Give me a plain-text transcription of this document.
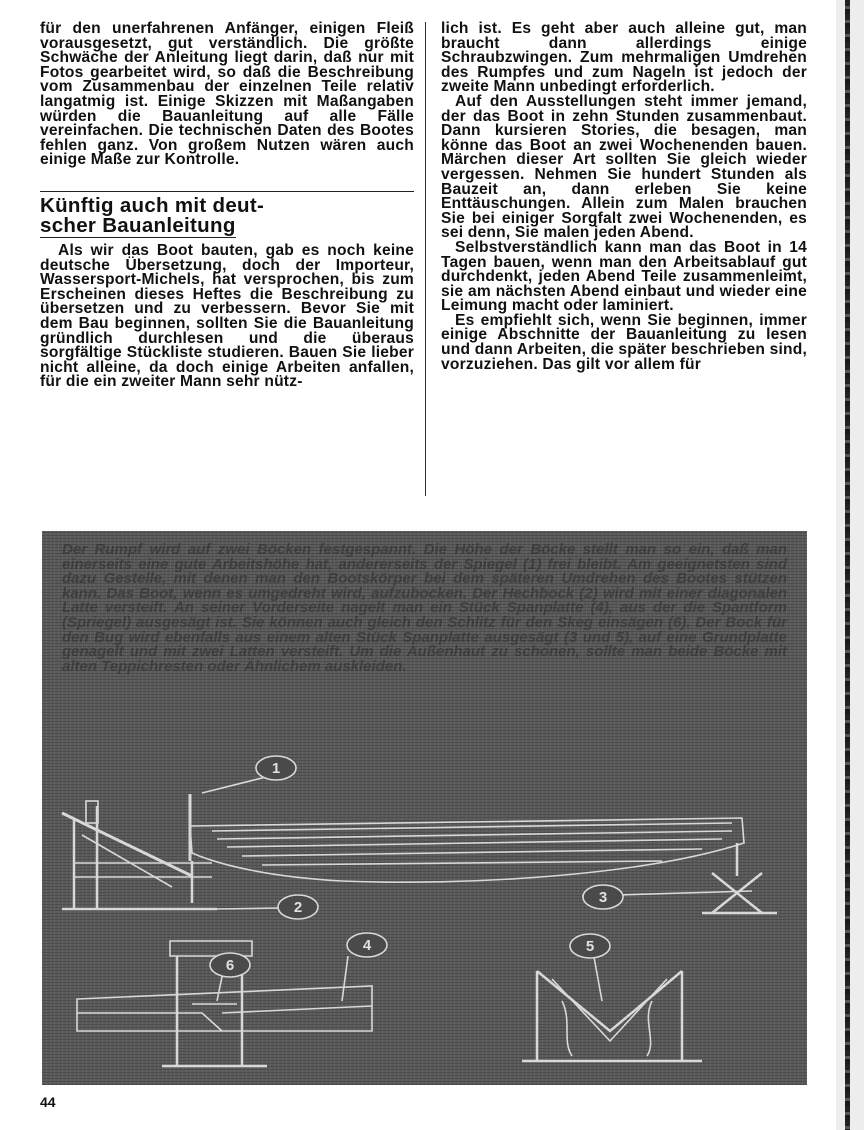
für den unerfahrenen Anfänger, einigen Fleiß vorausgesetzt, gut verständlich. Die größte Schwäche der Anleitung liegt darin, daß nur mit Fotos gearbeitet wird, so daß die Beschreibung vom Zusammenbau der einzelnen Teile relativ langatmig ist. Einige Skizzen mit Maßangaben würden die Bauanleitung auf alle Fälle vereinfachen. Die technischen Daten des Bootes fehlen ganz. Von großem Nutzen wären auch einige Maße zur Kontrolle.

Künftig auch mit deut-
scher Bauanleitung

Als wir das Boot bauten, gab es noch keine deutsche Übersetzung, doch der Importeur, Wassersport-Michels, hat versprochen, bis zum Erscheinen dieses Heftes die Beschreibung zu übersetzen und zu verbessern. Bevor Sie mit dem Bau beginnen, sollten Sie die Bauanleitung gründlich durchlesen und die überaus sorgfältige Stückliste studieren. Bauen Sie lieber nicht alleine, da doch einige Arbeiten anfallen, für die ein zweiter Mann sehr nütz-

lich ist. Es geht aber auch alleine gut, man braucht dann allerdings einige Schraubzwingen. Zum mehrmaligen Umdrehen des Rumpfes und zum Nageln ist jedoch der zweite Mann unbedingt erforderlich.

Auf den Ausstellungen steht immer jemand, der das Boot in zehn Stunden zusammenbaut. Dann kursieren Stories, die besagen, man könne das Boot an zwei Wochenenden bauen. Märchen dieser Art sollten Sie gleich wieder vergessen. Nehmen Sie hundert Stunden als Bauzeit an, dann erleben Sie keine Enttäuschungen. Allein zum Malen brauchen Sie bei einiger Sorgfalt zwei Wochenenden, es sei denn, Sie malen jeden Abend.

Selbstverständlich kann man das Boot in 14 Tagen bauen, wenn man den Arbeitsablauf gut durchdenkt, jeden Abend Teile zusammenleimt, sie am nächsten Abend einbaut und wieder eine Leimung macht oder laminiert.

Es empfiehlt sich, wenn Sie beginnen, immer einige Abschnitte der Bauanleitung zu lesen und dann Arbeiten, die später beschrieben sind, vorzuziehen. Das gilt vor allem für

Der Rumpf wird auf zwei Böcken festgespannt. Die Höhe der Böcke stellt man so ein, daß man einerseits eine gute Arbeitshöhe hat, andererseits der Spiegel (1) frei bleibt. Am geeignetsten sind dazu Gestelle, mit denen man den Bootskörper bei dem späteren Umdrehen des Bootes stützen kann. Das Boot, wenn es umgedreht wird, aufzubocken. Der Hechbock (2) wird mit einer diagonalen Latte versteift. An seiner Vorderseite nagelt man ein Stück Spanplatte (4), aus der die Spantform (Spriegel) ausgesägt ist. Sie können auch gleich den Schlitz für den Skeg einsägen (6). Der Bock für den Bug wird ebenfalls aus einem alten Stück Spanplatte ausgesägt (3 und 5), auf eine Grundplatte genagelt und mit zwei Latten versteift. Um die Außenhaut zu schonen, sollte man beide Böcke mit alten Teppichresten oder Ähnlichem auskleiden.
1
2
3
4	5
6
44
